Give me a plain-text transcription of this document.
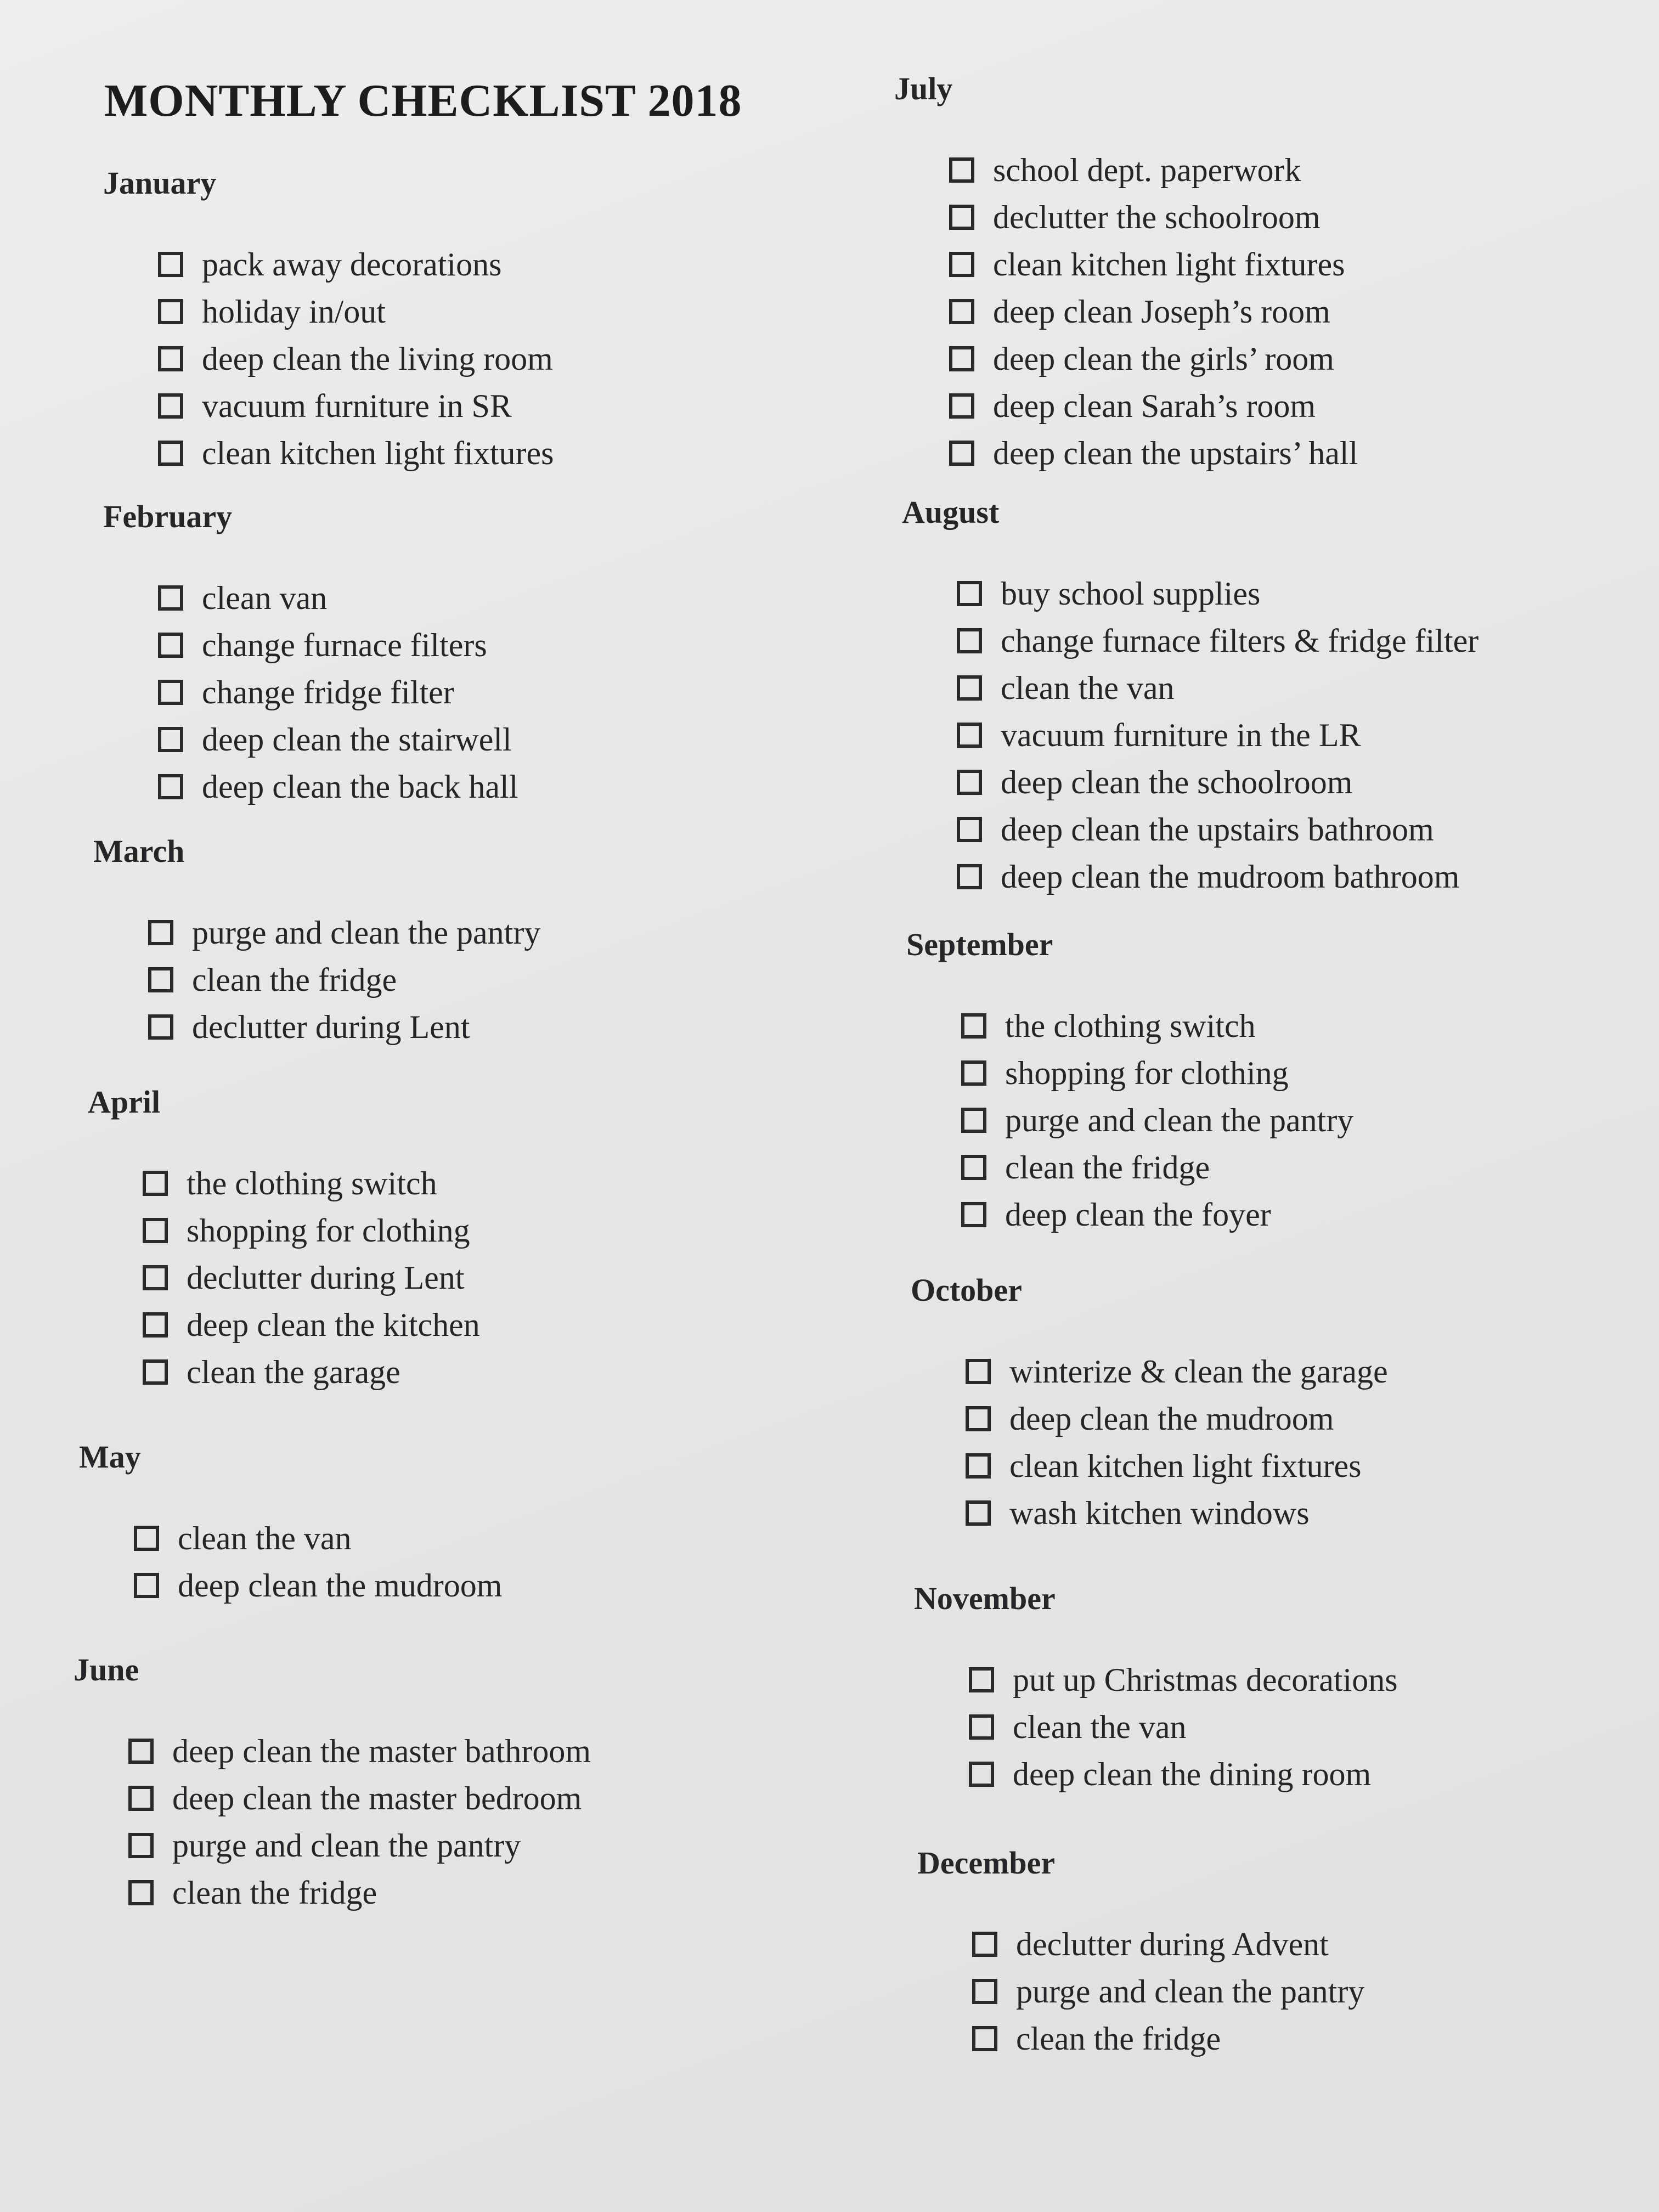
MONTHLY CHECKLIST 2018
January
pack away decorations
holiday in/out
deep clean the living room
vacuum furniture in SR
clean kitchen light fixtures
February
clean van
change furnace filters
change fridge filter
deep clean the stairwell
deep clean the back hall
March
purge and clean the pantry
clean the fridge
declutter during Lent
April
the clothing switch
shopping for clothing
declutter during Lent
deep clean the kitchen
clean the garage
May
clean the van
deep clean the mudroom
June
deep clean the master bathroom
deep clean the master bedroom
purge and clean the pantry
clean the fridge
July
school dept. paperwork
declutter the schoolroom
clean kitchen light fixtures
deep clean Joseph’s room
deep clean the girls’ room
deep clean Sarah’s room
deep clean the upstairs’ hall
August
buy school supplies
change furnace filters & fridge filter
clean the van
vacuum furniture in the LR
deep clean the schoolroom
deep clean the upstairs bathroom
deep clean the mudroom bathroom
September
the clothing switch
shopping for clothing
purge and clean the pantry
clean the fridge
deep clean the foyer
October
winterize & clean the garage
deep clean the mudroom
clean kitchen light fixtures
wash kitchen windows
November
put up Christmas decorations
clean the van
deep clean the dining room
December
declutter during Advent
purge and clean the pantry
clean the fridge
